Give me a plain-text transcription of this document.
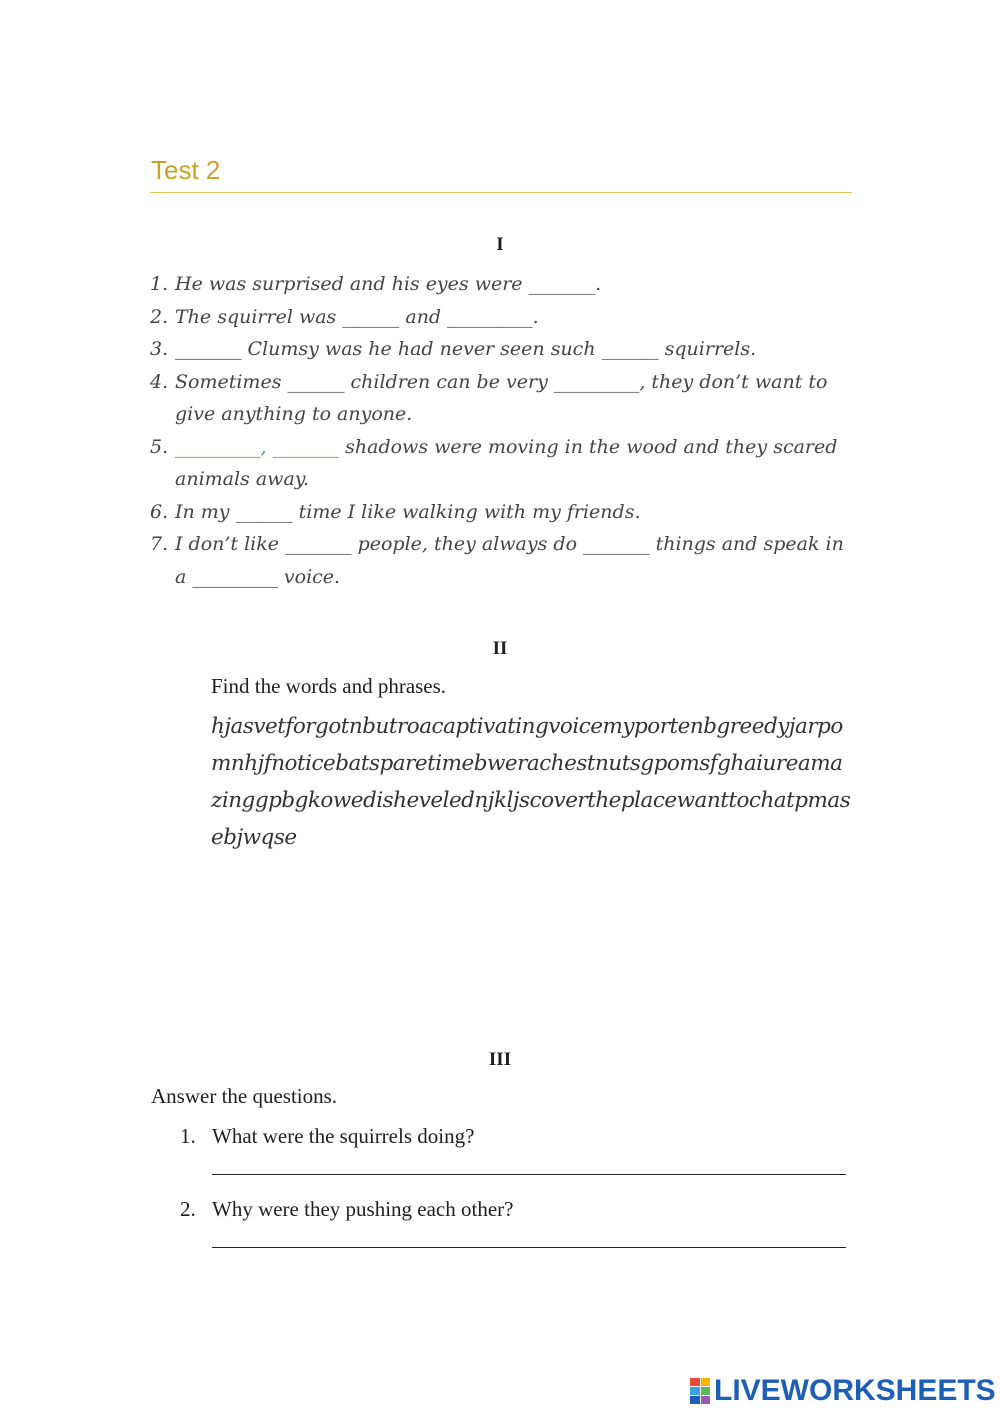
Test 2
I
1. He was surprised and his eyes were _______.
2. The squirrel was ______ and _________.
3. _______ Clumsy was he had never seen such ______ squirrels.
4. Sometimes ______ children can be very _________, they don’t want to give anything to anyone.
5. _________, _______ shadows were moving in the wood and they scared animals away.
6. In my ______ time I like walking with my friends.
7. I don’t like _______ people, they always do _______ things and speak in a _________ voice.
II
Find the words and phrases.
hjasvetforgotnbutroacaptivatingvoicemyportenbgreedyjarpomnhjfnoticebatsparetimebwerachestnutsgpomsfghaiureamazinggpbgkowedishevelednjkljscovertheplacewanttochatpmasebjwqse
III
Answer the questions.
1. What were the squirrels doing?
2. Why were they pushing each other?
LIVEWORKSHEETS
